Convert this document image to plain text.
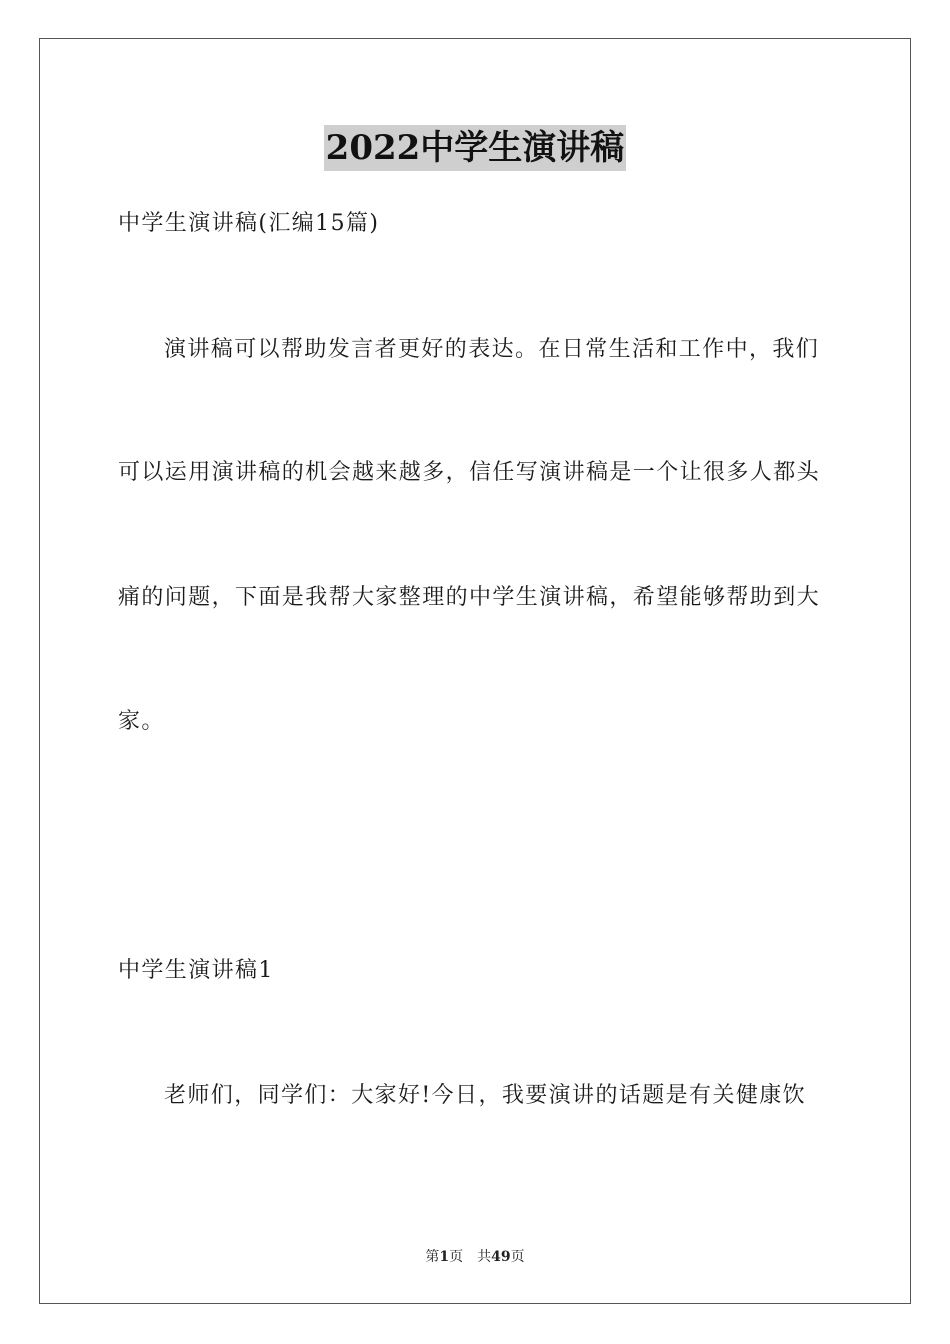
2022中学生演讲稿
中学生演讲稿(汇编15篇)
演讲稿可以帮助发言者更好的表达。在日常生活和工作中，我们
可以运用演讲稿的机会越来越多，信任写演讲稿是一个让很多人都头
痛的问题，下面是我帮大家整理的中学生演讲稿，希望能够帮助到大
家。
中学生演讲稿1
老师们，同学们：大家好!今日，我要演讲的话题是有关健康饮
第1页 共49页
